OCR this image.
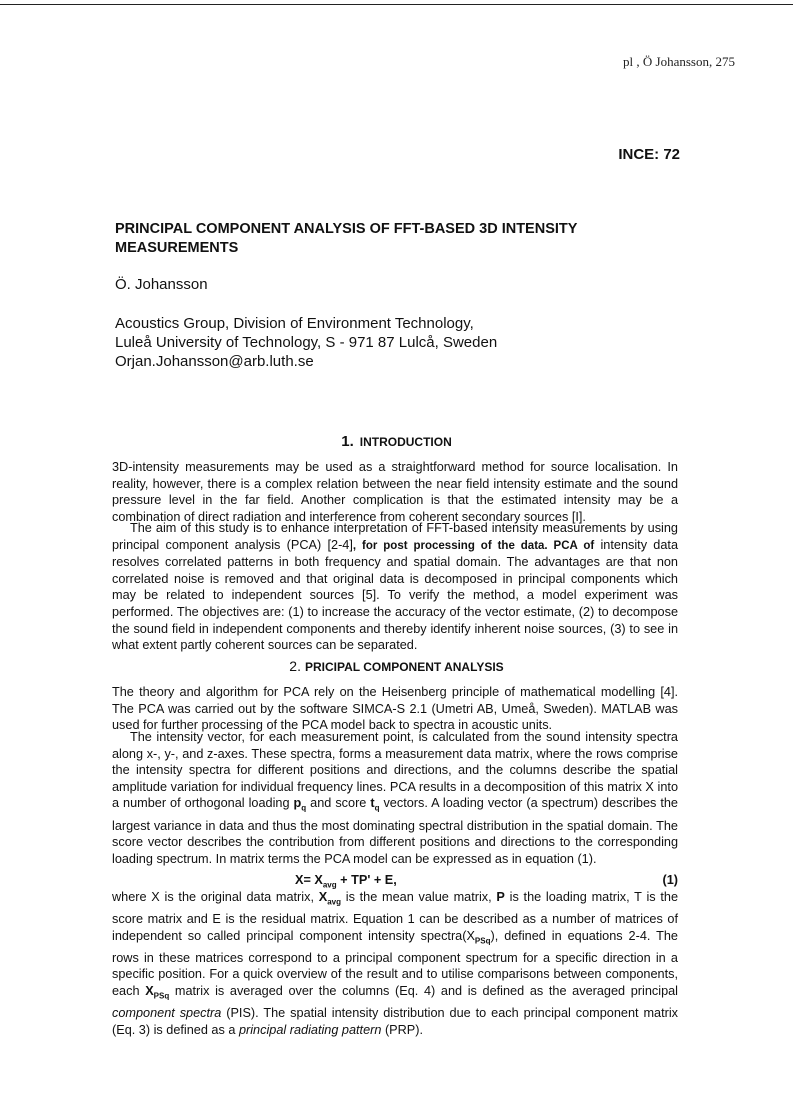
pl , Ö Johansson, 275
INCE: 72
PRINCIPAL COMPONENT ANALYSIS OF FFT-BASED 3D INTENSITY MEASUREMENTS

Ö. Johansson

Acoustics Group, Division of Environment Technology,
Luleå University of Technology, S - 971 87 Lulcå, Sweden
Orjan.Johansson@arb.luth.se
1. INTRODUCTION

3D-intensity measurements may be used as a straightforward method for source localisation. In reality, however, there is a complex relation between the near field intensity estimate and the sound pressure level in the far field. Another complication is that the estimated intensity may be a combination of direct radiation and interference from coherent secondary sources [I].

The aim of this study is to enhance interpretation of FFT-based intensity measurements by using principal component analysis (PCA) [2-4], for post processing of the data. PCA of intensity data resolves correlated patterns in both frequency and spatial domain. The advantages are that non correlated noise is removed and that original data is decomposed in principal components which may be related to independent sources [5]. To verify the method, a model experiment was performed. The objectives are: (1) to increase the accuracy of the vector estimate, (2) to decompose the sound field in independent components and thereby identify inherent noise sources, (3) to see in what extent partly coherent sources can be separated.

2. PRICIPAL COMPONENT ANALYSIS

The theory and algorithm for PCA rely on the Heisenberg principle of mathematical modelling [4]. The PCA was carried out by the software SIMCA-S 2.1 (Umetri AB, Umeå, Sweden). MATLAB was used for further processing of the PCA model back to spectra in acoustic units.

The intensity vector, for each measurement point, is calculated from the sound intensity spectra along x-, y-, and z-axes. These spectra, forms a measurement data matrix, where the rows comprise the intensity spectra for different positions and directions, and the columns describe the spatial amplitude variation for individual frequency lines. PCA results in a decomposition of this matrix X into a number of orthogonal loading $p_q$ and score $t_q$ vectors. A loading vector (a spectrum) describes the largest variance in data and thus the most dominating spectral distribution in the spatial domain. The score vector describes the contribution from different positions and directions to the corresponding loading spectrum. In matrix terms the PCA model can be expressed as in equation (1).

$X= X_{avg} + TP' + E$,	(1)

where X is the original data matrix, $X_{avg}$ is the mean value matrix, P is the loading matrix, T is the score matrix and E is the residual matrix. Equation 1 can be described as a number of matrices of independent so called principal component intensity $spectra(X_{PSq})$, defined in equations 2-4. The rows in these matrices correspond to a principal component spectrum for a specific direction in a specific position. For a quick overview of the result and to utilise comparisons between components, each $X_{PSq}$ matrix is averaged over the columns (Eq. 4) and is defined as the averaged principal component spectra (PIS). The spatial intensity distribution due to each principal component matrix (Eq. 3) is defined as a principal radiating pattern (PRP).
